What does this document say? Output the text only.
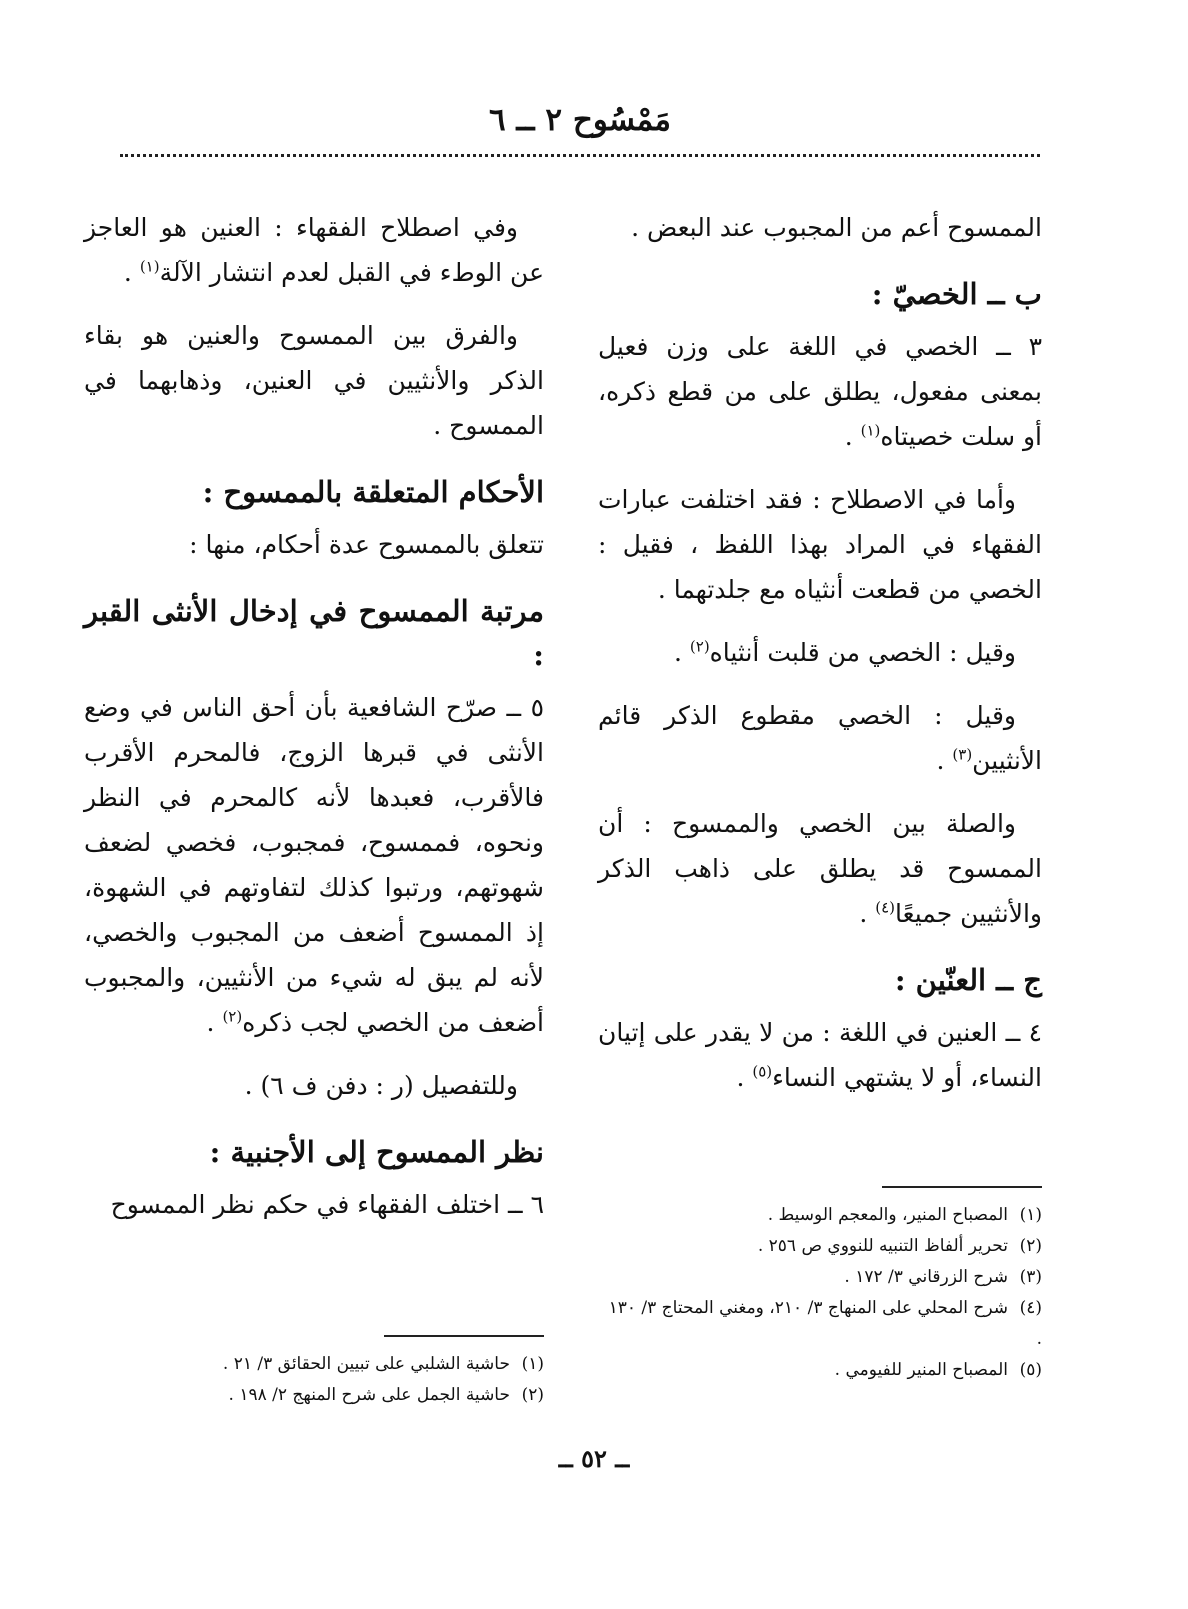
مَمْسُوح ٢ ــ ٦

الممسوح أعم من المجبوب عند البعض .

ب ــ الخصيّ :

٣ ــ الخصي في اللغة على وزن فعيل بمعنى مفعول، يطلق على من قطع ذكره، أو سلت خصيتاه$^{(١)}$ .

وأما في الاصطلاح : فقد اختلفت عبارات الفقهاء في المراد بهذا اللفظ ، فقيل : الخصي من قطعت أنثياه مع جلدتهما .

وقيل : الخصي من قلبت أنثياه$^{(٢)}$ .

وقيل : الخصي مقطوع الذكر قائم الأنثيين$^{(٣)}$ .

والصلة بين الخصي والممسوح : أن الممسوح قد يطلق على ذاهب الذكر والأنثيين جميعًا$^{(٤)}$ .

ج ــ العنّين :

٤ ــ العنين في اللغة : من لا يقدر على إتيان النساء، أو لا يشتهي النساء$^{(٥)}$ .

وفي اصطلاح الفقهاء : العنين هو العاجز عن الوطء في القبل لعدم انتشار الآلة$^{(١)}$ .

والفرق بين الممسوح والعنين هو بقاء الذكر والأنثيين في العنين، وذهابهما في الممسوح .

الأحكام المتعلقة بالممسوح :

تتعلق بالممسوح عدة أحكام، منها :

مرتبة الممسوح في إدخال الأنثى القبر :

٥ ــ صرّح الشافعية بأن أحق الناس في وضع الأنثى في قبرها الزوج، فالمحرم الأقرب فالأقرب، فعبدها لأنه كالمحرم في النظر ونحوه، فممسوح، فمجبوب، فخصي لضعف شهوتهم، ورتبوا كذلك لتفاوتهم في الشهوة، إذ الممسوح أضعف من المجبوب والخصي، لأنه لم يبق له شيء من الأنثيين، والمجبوب أضعف من الخصي لجب ذكره$^{(٢)}$ .

وللتفصيل (ر : دفن ف ٦) .

نظر الممسوح إلى الأجنبية :

٦ ــ اختلف الفقهاء في حكم نظر الممسوح	(١)المصباح المنير، والمعجم الوسيط .

(٢)تحرير ألفاظ التنبيه للنووي ص ٢٥٦ .

(٣)شرح الزرقاني ٣/ ١٧٢ .

(٤)شرح المحلي على المنهاج ٣/ ٢١٠، ومغني المحتاج ٣/ ١٣٠ .

(٥)المصباح المنير للفيومي .

(١)حاشية الشلبي على تبيين الحقائق ٣/ ٢١ .

(٢)حاشية الجمل على شرح المنهج ٢/ ١٩٨ .

ــ ٥٢ ــ
